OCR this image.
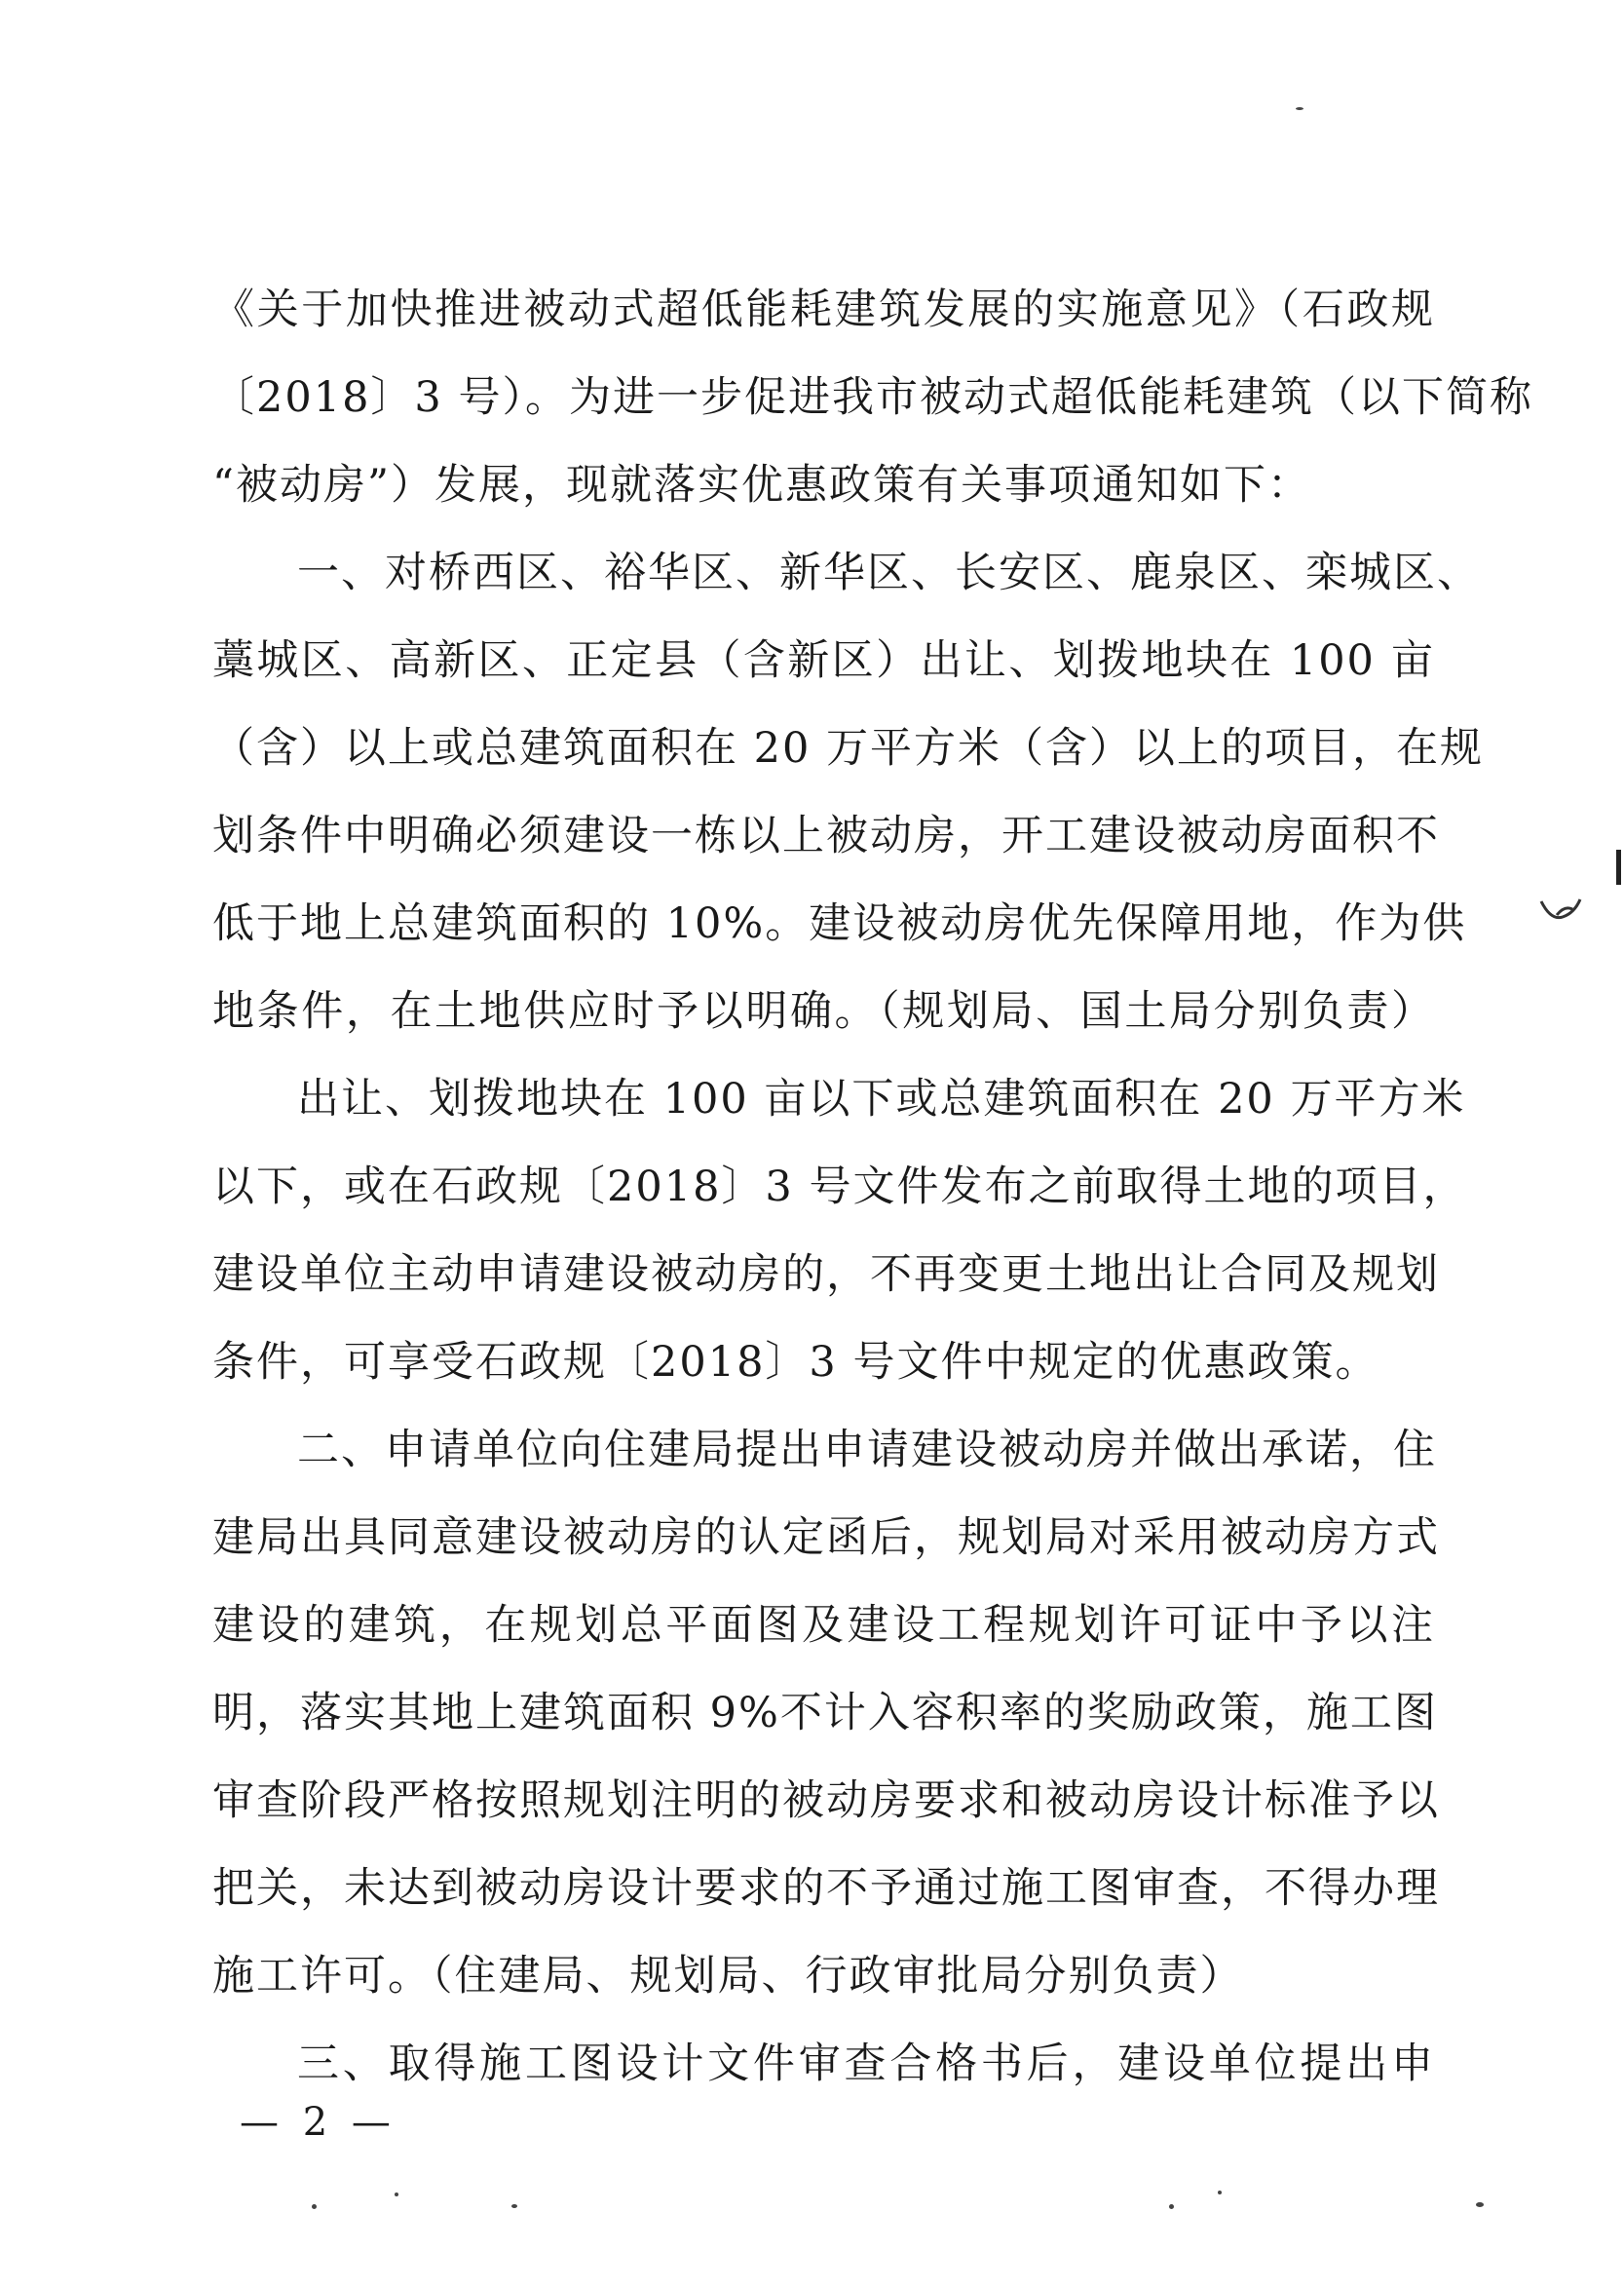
《关于加快推进被动式超低能耗建筑发展的实施意见》（石政规
〔2018〕3 号）。为进一步促进我市被动式超低能耗建筑（以下简称
“被动房”）发展，现就落实优惠政策有关事项通知如下：
一、对桥西区、裕华区、新华区、长安区、鹿泉区、栾城区、
藁城区、高新区、正定县（含新区）出让、划拨地块在 100 亩
（含）以上或总建筑面积在 20 万平方米（含）以上的项目，在规
划条件中明确必须建设一栋以上被动房，开工建设被动房面积不
低于地上总建筑面积的 10%。建设被动房优先保障用地，作为供
地条件，在土地供应时予以明确。（规划局、国土局分别负责）
出让、划拨地块在 100 亩以下或总建筑面积在 20 万平方米
以下，或在石政规〔2018〕3 号文件发布之前取得土地的项目，
建设单位主动申请建设被动房的，不再变更土地出让合同及规划
条件，可享受石政规〔2018〕3 号文件中规定的优惠政策。
二、申请单位向住建局提出申请建设被动房并做出承诺，住
建局出具同意建设被动房的认定函后，规划局对采用被动房方式
建设的建筑，在规划总平面图及建设工程规划许可证中予以注
明，落实其地上建筑面积 9%不计入容积率的奖励政策，施工图
审查阶段严格按照规划注明的被动房要求和被动房设计标准予以
把关，未达到被动房设计要求的不予通过施工图审查，不得办理
施工许可。（住建局、规划局、行政审批局分别负责）
三、取得施工图设计文件审查合格书后，建设单位提出申
— 2 —
